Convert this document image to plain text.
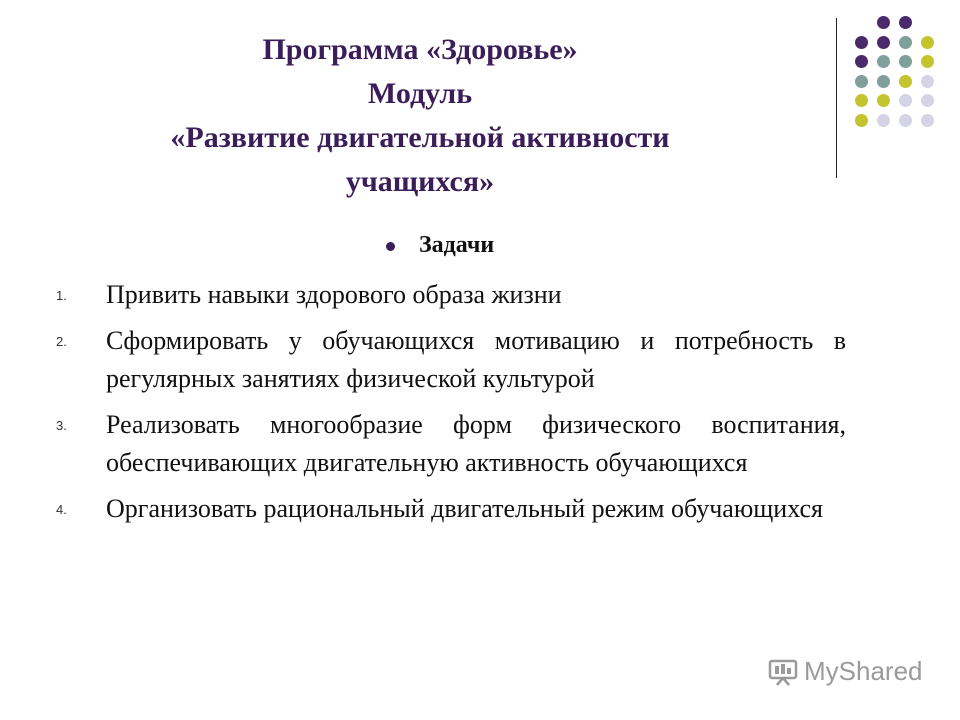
Программа «Здоровье»
Модуль
«Развитие двигательной активности
учащихся»
Задачи
1. Привить навыки здорового образа жизни
2. Сформировать у обучающихся мотивацию и потребность в регулярных занятиях физической культурой
3. Реализовать многообразие форм физического воспитания, обеспечивающих двигательную активность обучающихся
4. Организовать рациональный двигательный режим обучающихся
MyShared
